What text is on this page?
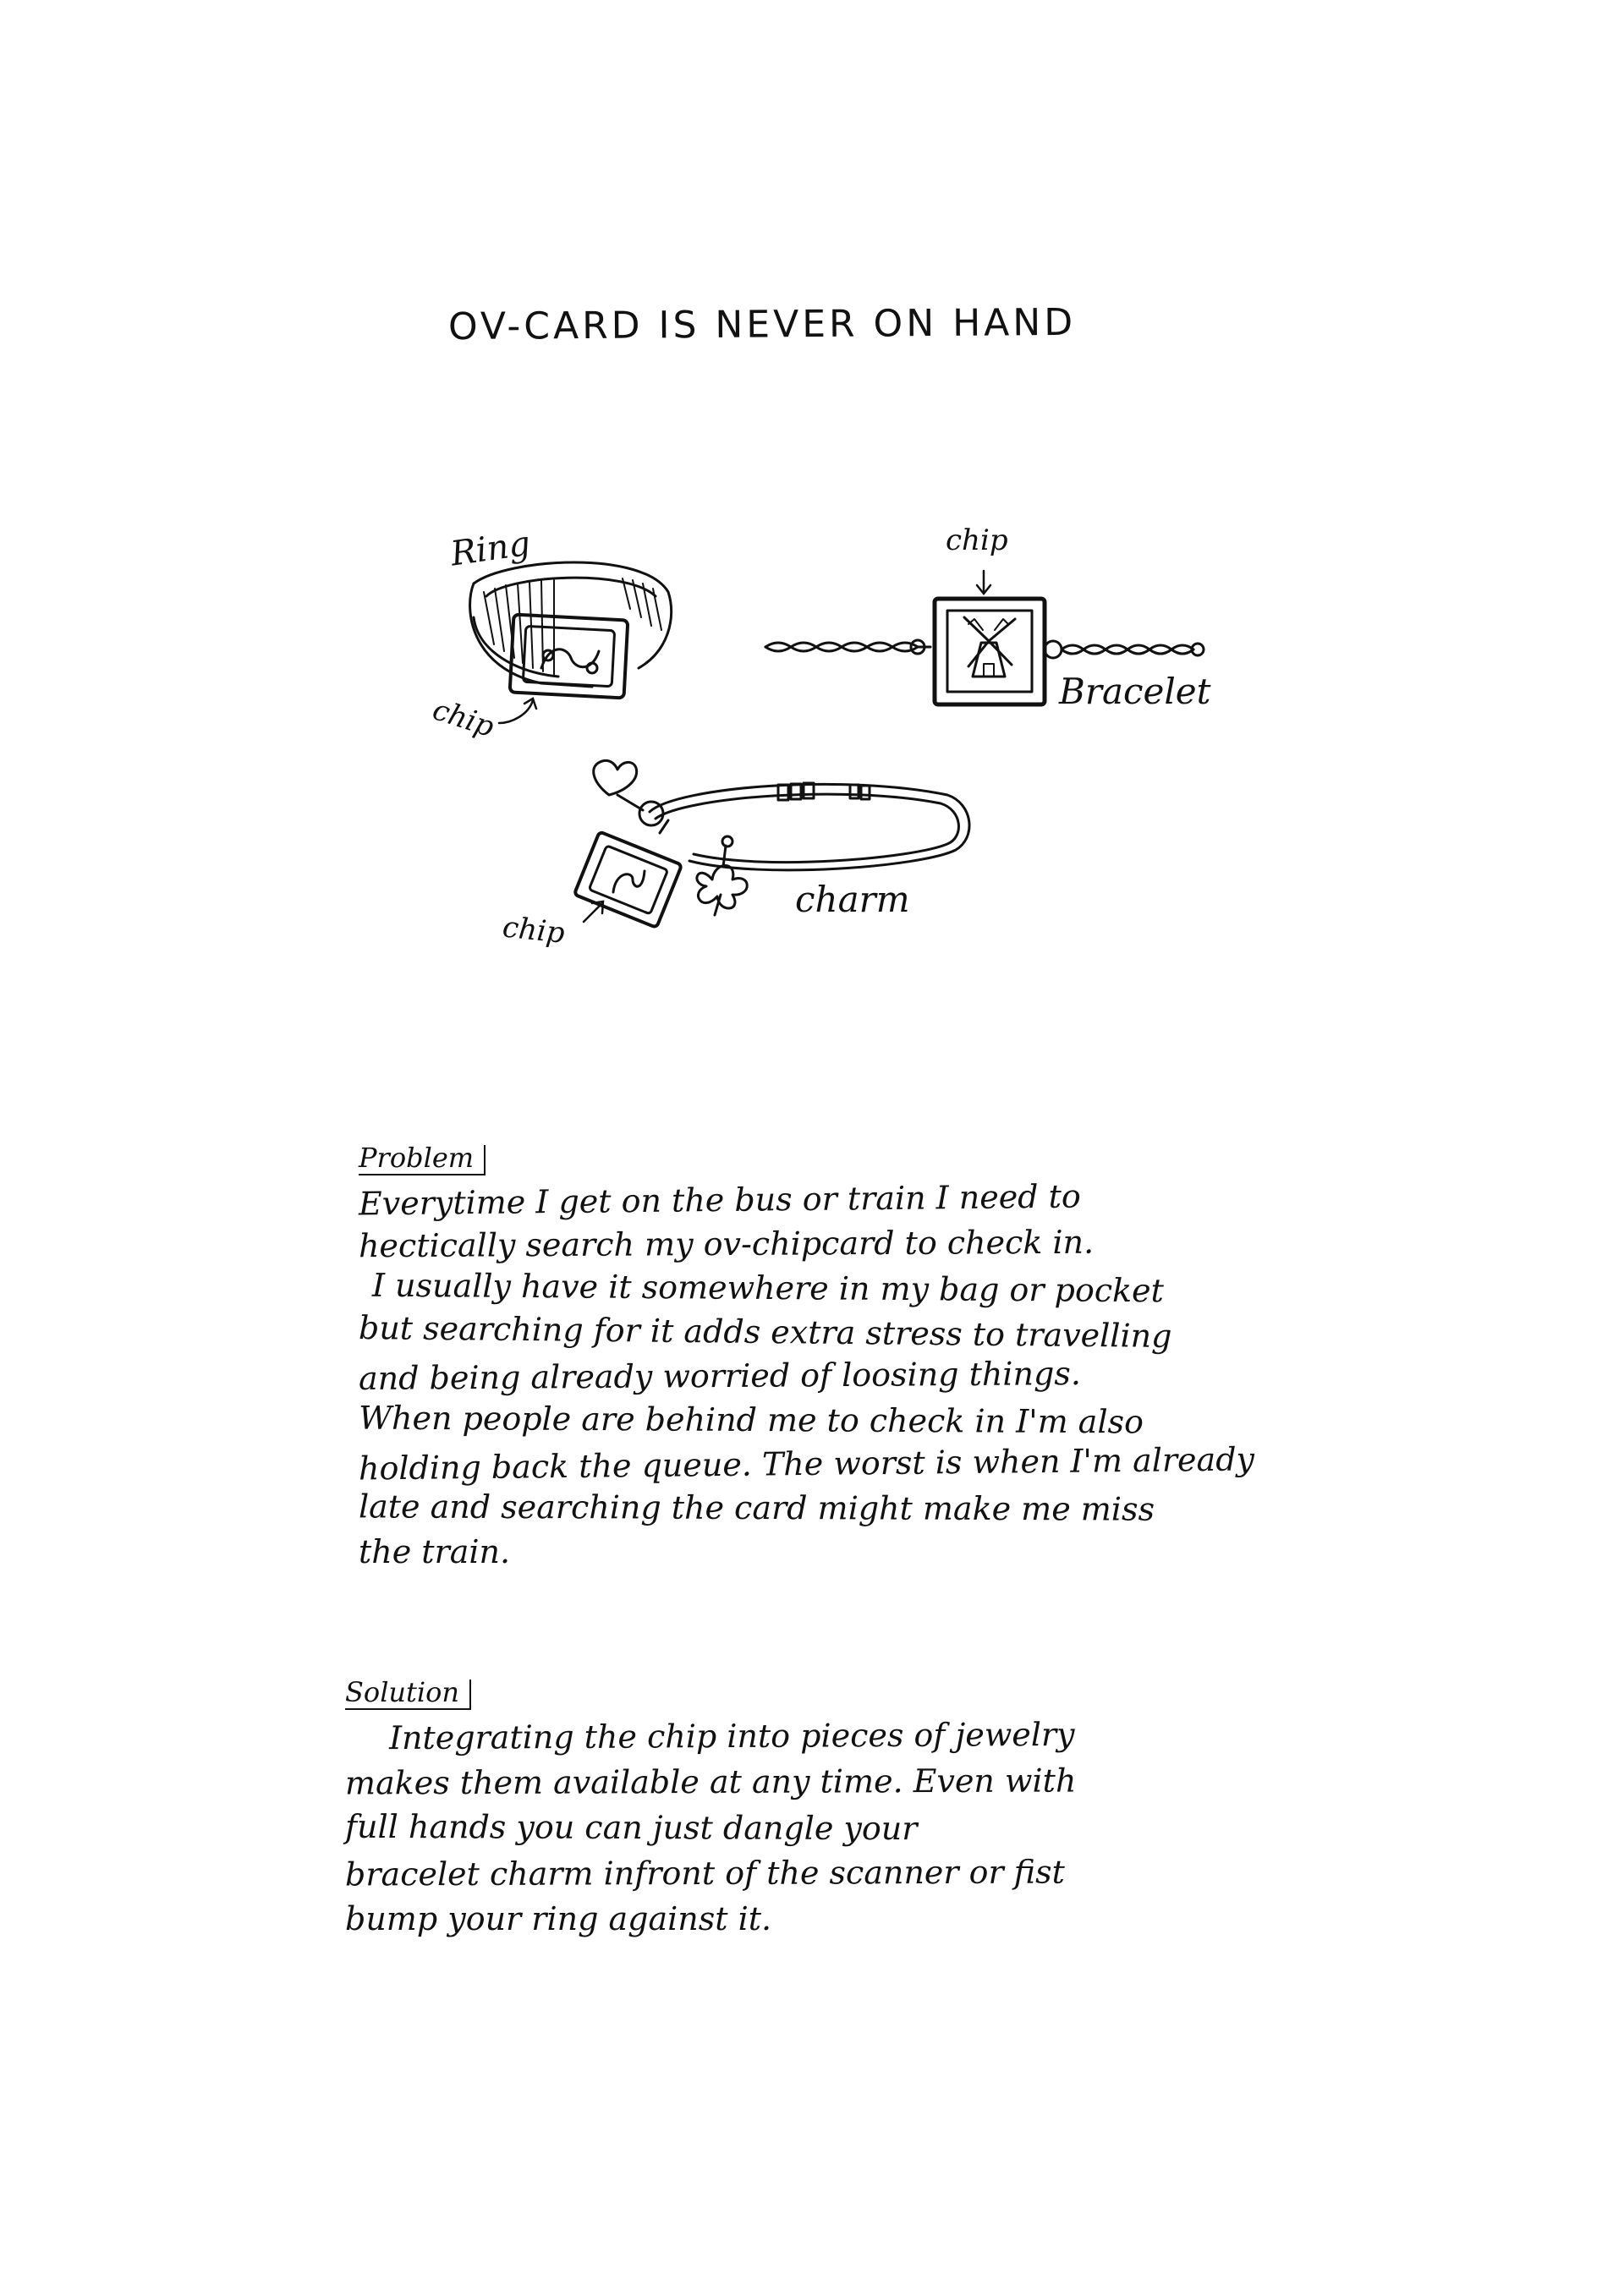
OV-CARD IS NEVER ON HAND
Ring
chip
chip
Bracelet
chip
charm
Problem
Everytime I get on the bus or train I need to
hectically search my ov-chipcard to check in.
I usually have it somewhere in my bag or pocket
but searching for it adds extra stress to travelling
and being already worried of loosing things.
When people are behind me to check in I'm also
holding back the queue. The worst is when I'm already
late and searching the card might make me miss
the train.
Solution
Integrating the chip into pieces of jewelry
makes them available at any time. Even with
full hands you can just dangle your
bracelet charm infront of the scanner or fist
bump your ring against it.
